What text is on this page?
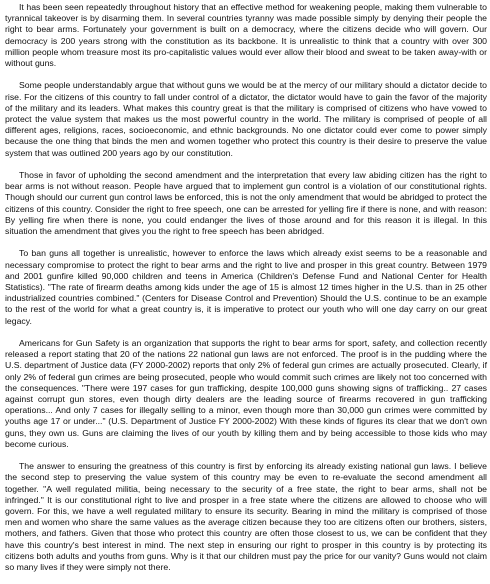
It has been seen repeatedly throughout history that an effective method for weakening people, making them vulnerable to tyrannical takeover is by disarming them. In several countries tyranny was made possible simply by denying their people the right to bear arms. Fortunately your government is built on a democracy, where the citizens decide who will govern. Our democracy is 200 years strong with the constitution as its backbone. It is unrealistic to think that a country with over 300 million people whom treasure most its pro-capitalistic values would ever allow their blood and sweat to be taken away-with or without guns.

Some people understandably argue that without guns we would be at the mercy of our military should a dictator decide to rise. For the citizens of this country to fall under control of a dictator, the dictator would have to gain the favor of the majority of the military and its leaders. What makes this country great is that the military is comprised of citizens who have vowed to protect the value system that makes us the most powerful country in the world. The military is comprised of people of all different ages, religions, races, socioeconomic, and ethnic backgrounds. No one dictator could ever come to power simply because the one thing that binds the men and women together who protect this country is their desire to preserve the value system that was outlined 200 years ago by our constitution.

Those in favor of upholding the second amendment and the interpretation that every law abiding citizen has the right to bear arms is not without reason. People have argued that to implement gun control is a violation of our constitutional rights. Though should our current gun control laws be enforced, this is not the only amendment that would be abridged to protect the citizens of this country. Consider the right to free speech, one can be arrested for yelling fire if there is none, and with reason: By yelling fire when there is none, you could endanger the lives of those around and for this reason it is illegal. In this situation the amendment that gives you the right to free speech has been abridged.

To ban guns all together is unrealistic, however to enforce the laws which already exist seems to be a reasonable and necessary compromise to protect the right to bear arms and the right to live and prosper in this great country. Between 1979 and 2001 gunfire killed 90,000 children and teens in America (Children's Defense Fund and National Center for Health Statistics). "The rate of firearm deaths among kids under the age of 15 is almost 12 times higher in the U.S. than in 25 other industrialized countries combined." (Centers for Disease Control and Prevention) Should the U.S. continue to be an example to the rest of the world for what a great country is, it is imperative to protect our youth who will one day carry on our great legacy.

Americans for Gun Safety is an organization that supports the right to bear arms for sport, safety, and collection recently released a report stating that 20 of the nations 22 national gun laws are not enforced. The proof is in the pudding where the U.S. department of Justice data (FY 2000-2002) reports that only 2% of federal gun crimes are actually prosecuted. Clearly, if only 2% of federal gun crimes are being prosecuted, people who would commit such crimes are likely not too concerned with the consequences. "There were 197 cases for gun trafficking, despite 100,000 guns showing signs of trafficking.. 27 cases against corrupt gun stores, even though dirty dealers are the leading source of firearms recovered in gun trafficking operations... And only 7 cases for illegally selling to a minor, even though more than 30,000 gun crimes were committed by youths age 17 or under..." (U.S. Department of Justice FY 2000-2002) With these kinds of figures its clear that we don't own guns, they own us. Guns are claiming the lives of our youth by killing them and by being accessible to those kids who may become curious.

The answer to ensuring the greatness of this country is first by enforcing its already existing national gun laws. I believe the second step to preserving the value system of this country may be even to re-evaluate the second amendment all together. "A well regulated militia, being necessary to the security of a free state, the right to bear arms, shall not be infringed." It is our constitutional right to live and prosper in a free state where the citizens are allowed to choose who will govern. For this, we have a well regulated military to ensure its security. Bearing in mind the military is comprised of those men and women who share the same values as the average citizen because they too are citizens often our brothers, sisters, mothers, and fathers. Given that those who protect this country are often those closest to us, we can be confident that they have this country's best interest in mind. The next step in ensuring our right to prosper in this country is by protecting its citizens both adults and youths from guns. Why is it that our children must pay the price for our vanity? Guns would not claim so many lives if they were simply not there.
